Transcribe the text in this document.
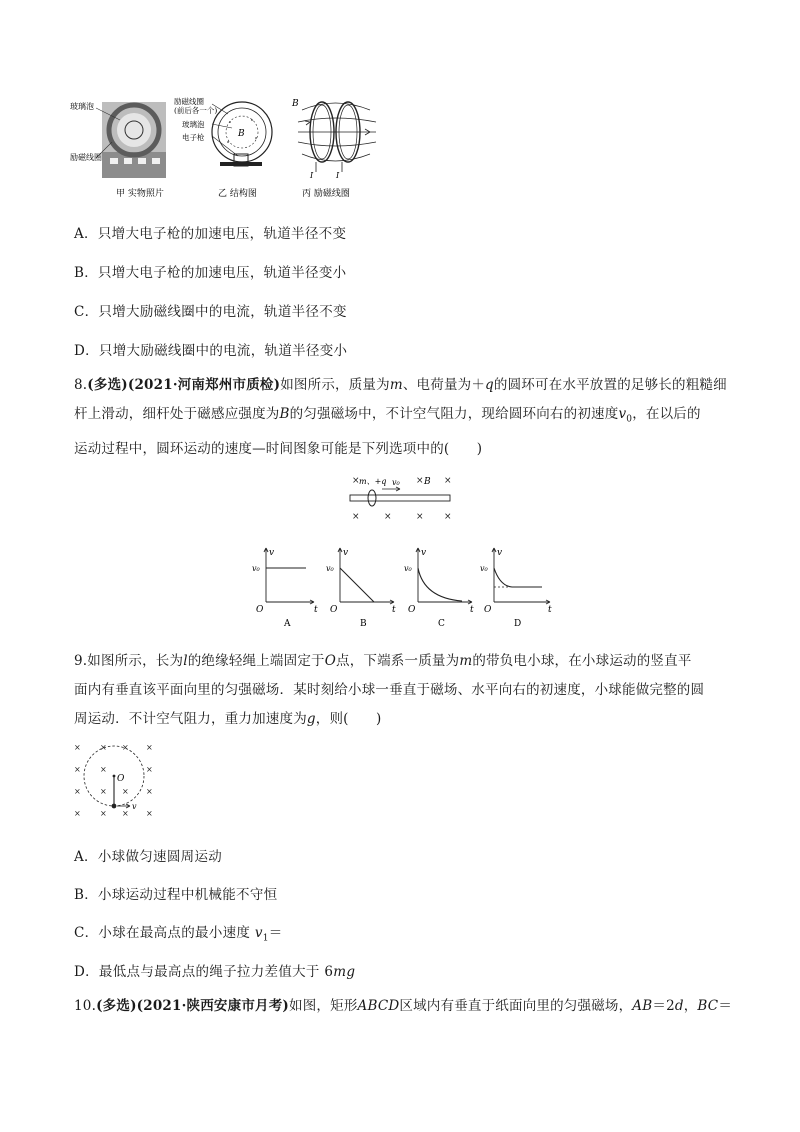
玻璃泡
励磁线圈
B
励磁线圈
(前后各一个)
玻璃泡
电子枪
B
I	I
甲 实物照片	乙 结构图	丙 励磁线圈
A．只增大电子枪的加速电压，轨道半径不变
B．只增大电子枪的加速电压，轨道半径变小
C．只增大励磁线圈中的电流，轨道半径不变
D．只增大励磁线圈中的电流，轨道半径变小
8.(多选)(2021·河南郑州市质检)如图所示，质量为m、电荷量为＋q的圆环可在水平放置的足够长的粗糙细
杆上滑动，细杆处于磁感应强度为B的匀强磁场中，不计空气阻力，现给圆环向右的初速度$v_0$，在以后的
运动过程中，圆环运动的速度—时间图象可能是下列选项中的(　　)
×	× ×
×	×	× ×
m、+q v₀	B
v
t
O
v₀
A
v
t
O
v₀
B
v
t
O
v₀
C
v
t
O
v₀
D
9.如图所示，长为l的绝缘轻绳上端固定于O点，下端系一质量为m的带负电小球，在小球运动的竖直平
面内有垂直该平面向里的匀强磁场．某时刻给小球一垂直于磁场、水平向右的初速度，小球能做完整的圆
周运动．不计空气阻力，重力加速度为g，则(　　)
× × × ×
× ×	×
× × × ×
× × × ×
O
v
A．小球做匀速圆周运动
B．小球运动过程中机械能不守恒
C．小球在最高点的最小速度 $v_1=$
D．最低点与最高点的绳子拉力差值大于 6mg
10.(多选)(2021·陕西安康市月考)如图，矩形ABCD区域内有垂直于纸面向里的匀强磁场，AB＝2d，BC＝
